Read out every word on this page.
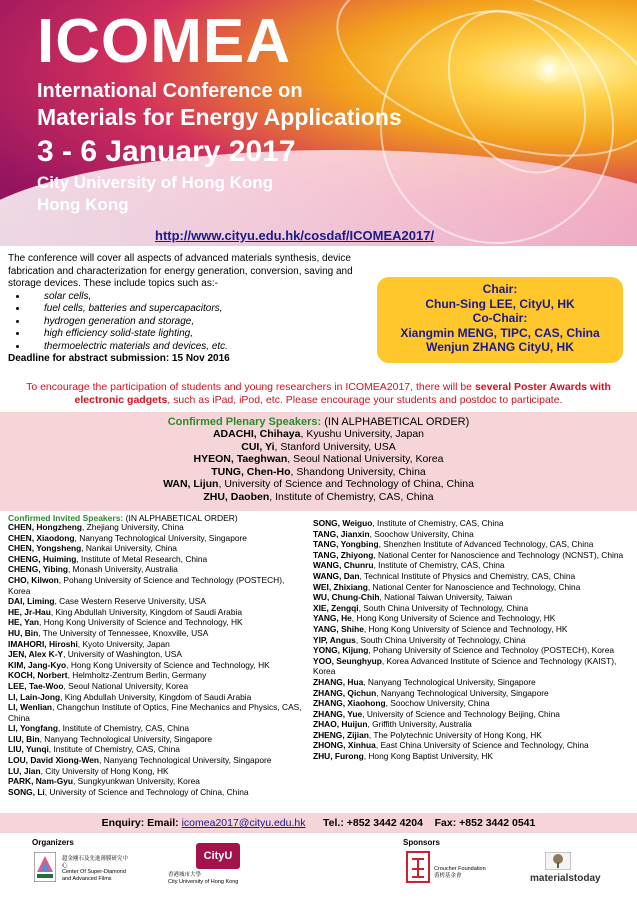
ICOMEA
International Conference on
Materials for Energy Applications
3 - 6 January 2017
City University of Hong Kong
Hong Kong
http://www.cityu.edu.hk/cosdaf/ICOMEA2017/
The conference will cover all aspects of advanced materials synthesis, device fabrication and characterization for energy generation, conversion, saving and storage devices. These include topics such as:-
• solar cells,
• fuel cells, batteries and supercapacitors,
• hydrogen generation and storage,
• high efficiency solid-state lighting,
• thermoelectric materials and devices, etc.
Deadline for abstract submission: 15 Nov 2016
Chair:
Chun-Sing LEE, CityU, HK
Co-Chair:
Xiangmin MENG, TIPC, CAS, China
Wenjun ZHANG CityU, HK
To encourage the participation of students and young researchers in ICOMEA2017, there will be several Poster Awards with electronic gadgets, such as iPad, iPod, etc. Please encourage your students and postdoc to participate.
Confirmed Plenary Speakers: (IN ALPHABETICAL ORDER)
ADACHI, Chihaya, Kyushu University, Japan
CUI, Yi, Stanford University, USA
HYEON, Taeghwan, Seoul National University, Korea
TUNG, Chen-Ho, Shandong University, China
WAN, Lijun, University of Science and Technology of China, China
ZHU, Daoben, Institute of Chemistry, CAS, China
Confirmed Invited Speakers: (IN ALPHABETICAL ORDER)
CHEN, Hongzheng, Zhejiang University, China
CHEN, Xiaodong, Nanyang Technological University, Singapore
CHEN, Yongsheng, Nankai University, China
CHENG, Huiming, Institute of Metal Research, China
CHENG, Yibing, Monash University, Australia
CHO, Kilwon, Pohang University of Science and Technology (POSTECH), Korea
DAI, Liming, Case Western Reserve University, USA
HE, Jr-Hau, King Abdullah University, Kingdom of Saudi Arabia
HE, Yan, Hong Kong University of Science and Technology, HK
HU, Bin, The University of Tennessee, Knoxville, USA
IMAHORI, Hiroshi, Kyoto University, Japan
JEN, Alex K-Y, University of Washington, USA
KIM, Jang-Kyo, Hong Kong University of Science and Technology, HK
KOCH, Norbert, Helmholtz-Zentrum Berlin, Germany
LEE, Tae-Woo, Seoul National University, Korea
LI, Lain-Jong, King Abdullah University, Kingdom of Saudi Arabia
LI, Wenlian, Changchun Institute of Optics, Fine Mechanics and Physics, CAS, China
LI, Yongfang, Institute of Chemistry, CAS, China
LIU, Bin, Nanyang Technological University, Singapore
LIU, Yunqi, Institute of Chemistry, CAS, China
LOU, David Xiong-Wen, Nanyang Technological University, Singapore
LU, Jian, City University of Hong Kong, HK
PARK, Nam-Gyu, Sungkyunkwan University, Korea
SONG, Li, University of Science and Technology of China, China
SONG, Weiguo, Institute of Chemistry, CAS, China
TANG, Jianxin, Soochow University, China
TANG, Yongbing, Shenzhen Institute of Advanced Technology, CAS, China
TANG, Zhiyong, National Center for Nanoscience and Technology (NCNST), China
WANG, Chunru, Institute of Chemistry, CAS, China
WANG, Dan, Technical Institute of Physics and Chemistry, CAS, China
WEI, Zhixiang, National Center for Nanoscience and Technology, China
WU, Chung-Chih, National Taiwan University, Taiwan
XIE, Zengqi, South China University of Technology, China
YANG, He, Hong Kong University of Science and Technology, HK
YANG, Shihe, Hong Kong University of Science and Technology, HK
YIP, Angus, South China University of Technology, China
YONG, Kijung, Pohang University of Science and Technoloy (POSTECH), Korea
YOO, Seunghyup, Korea Advanced Institute of Science and Technology (KAIST), Korea
ZHANG, Hua, Nanyang Technological University, Singapore
ZHANG, Qichun, Nanyang Technological University, Singapore
ZHANG, Xiaohong, Soochow University, China
ZHANG, Yue, University of Science and Technology Beijing, China
ZHAO, Huijun, Griffith University, Australia
ZHENG, Zijian, The Polytechnic University of Hong Kong, HK
ZHONG, Xinhua, East China University of Science and Technology, China
ZHU, Furong, Hong Kong Baptist University, HK
Enquiry: Email: icomea2017@cityu.edu.hk Tel.: +852 3442 4204 Fax: +852 3442 0541
Organizers	Sponsors
超金剛石及先進薄膜研究中心
Center Of Super-Diamond and Advanced Films
CityU
香港城市大學
City University of Hong Kong
Croucher Foundation
裘槎基金會	materialstoday
